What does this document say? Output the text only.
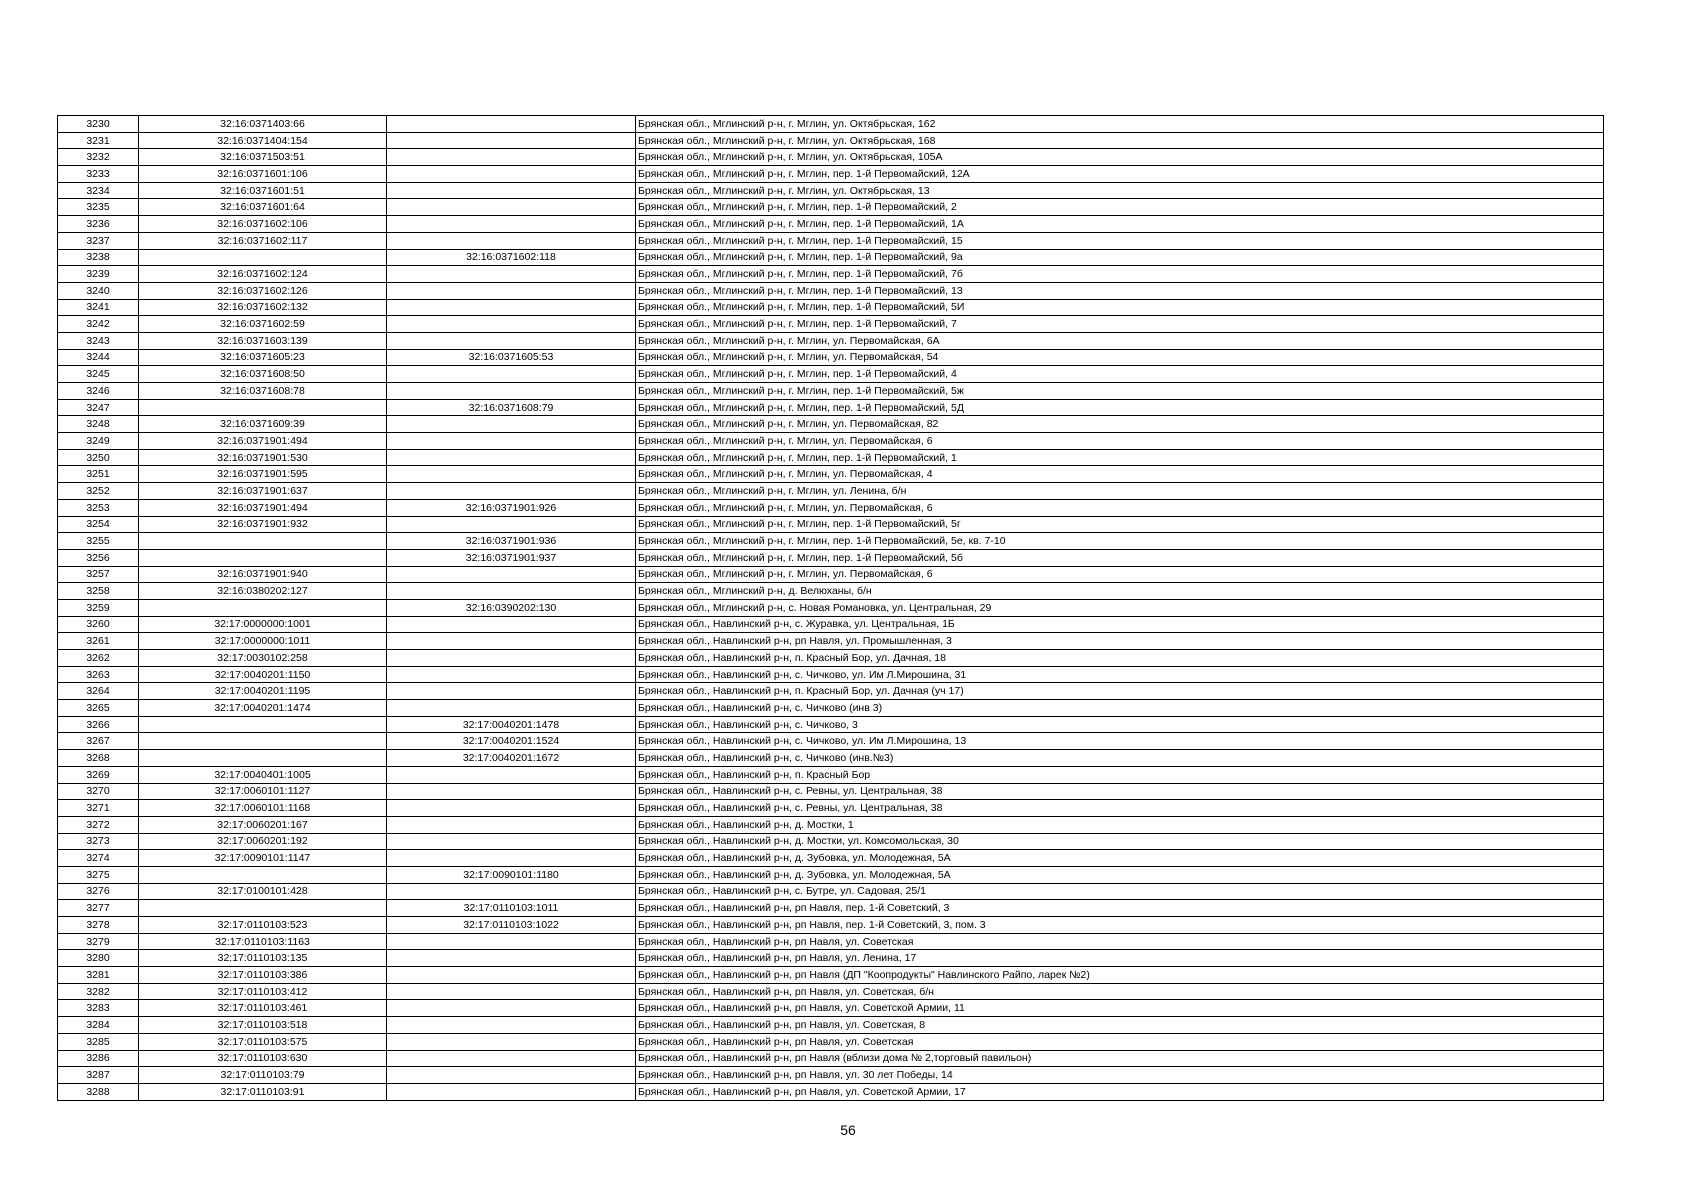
3230	32:16:0371403:66		Брянская обл., Мглинский р-н, г. Мглин, ул. Октябрьская, 162
3231	32:16:0371404:154		Брянская обл., Мглинский р-н, г. Мглин, ул. Октябрьская, 168
3232	32:16:0371503:51		Брянская обл., Мглинский р-н, г. Мглин, ул. Октябрьская, 105А
3233	32:16:0371601:106		Брянская обл., Мглинский р-н, г. Мглин, пер. 1-й Первомайский, 12А
3234	32:16:0371601:51		Брянская обл., Мглинский р-н, г. Мглин, ул. Октябрьская, 13
3235	32:16:0371601:64		Брянская обл., Мглинский р-н, г. Мглин, пер. 1-й Первомайский, 2
3236	32:16:0371602:106		Брянская обл., Мглинский р-н, г. Мглин, пер. 1-й Первомайский, 1А
3237	32:16:0371602:117		Брянская обл., Мглинский р-н, г. Мглин, пер. 1-й Первомайский, 15
3238		32:16:0371602:118	Брянская обл., Мглинский р-н, г. Мглин, пер. 1-й Первомайский, 9а
3239	32:16:0371602:124		Брянская обл., Мглинский р-н, г. Мглин, пер. 1-й Первомайский, 7б
3240	32:16:0371602:126		Брянская обл., Мглинский р-н, г. Мглин, пер. 1-й Первомайский, 13
3241	32:16:0371602:132		Брянская обл., Мглинский р-н, г. Мглин, пер. 1-й Первомайский, 5И
3242	32:16:0371602:59		Брянская обл., Мглинский р-н, г. Мглин, пер. 1-й Первомайский, 7
3243	32:16:0371603:139		Брянская обл., Мглинский р-н, г. Мглин, ул. Первомайская, 6А
3244	32:16:0371605:23	32:16:0371605:53	Брянская обл., Мглинский р-н, г. Мглин, ул. Первомайская, 54
3245	32:16:0371608:50		Брянская обл., Мглинский р-н, г. Мглин, пер. 1-й Первомайский, 4
3246	32:16:0371608:78		Брянская обл., Мглинский р-н, г. Мглин, пер. 1-й Первомайский, 5ж
3247		32:16:0371608:79	Брянская обл., Мглинский р-н, г. Мглин, пер. 1-й Первомайский, 5Д
3248	32:16:0371609:39		Брянская обл., Мглинский р-н, г. Мглин, ул. Первомайская, 82
3249	32:16:0371901:494		Брянская обл., Мглинский р-н, г. Мглин, ул. Первомайская, 6
3250	32:16:0371901:530		Брянская обл., Мглинский р-н, г. Мглин, пер. 1-й Первомайский, 1
3251	32:16:0371901:595		Брянская обл., Мглинский р-н, г. Мглин, ул. Первомайская, 4
3252	32:16:0371901:637		Брянская обл., Мглинский р-н, г. Мглин, ул. Ленина, б/н
3253	32:16:0371901:494	32:16:0371901:926	Брянская обл., Мглинский р-н, г. Мглин, ул. Первомайская, 6
3254	32:16:0371901:932		Брянская обл., Мглинский р-н, г. Мглин, пер. 1-й Первомайский, 5г
3255		32:16:0371901:936	Брянская обл., Мглинский р-н, г. Мглин, пер. 1-й Первомайский, 5е, кв. 7-10
3256		32:16:0371901:937	Брянская обл., Мглинский р-н, г. Мглин, пер. 1-й Первомайский, 5б
3257	32:16:0371901:940		Брянская обл., Мглинский р-н, г. Мглин, ул. Первомайская, 6
3258	32:16:0380202:127		Брянская обл., Мглинский р-н, д. Велюханы, б/н
3259		32:16:0390202:130	Брянская обл., Мглинский р-н, с. Новая Романовка, ул. Центральная, 29
3260	32:17:0000000:1001		Брянская обл., Навлинский р-н, с. Журавка, ул. Центральная, 1Б
3261	32:17:0000000:1011		Брянская обл., Навлинский р-н, рп Навля, ул. Промышленная, 3
3262	32:17:0030102:258		Брянская обл., Навлинский р-н, п. Красный Бор, ул. Дачная, 18
3263	32:17:0040201:1150		Брянская обл., Навлинский р-н, с. Чичково, ул. Им Л.Мирошина, 31
3264	32:17:0040201:1195		Брянская обл., Навлинский р-н, п. Красный Бор, ул. Дачная (уч 17)
3265	32:17:0040201:1474		Брянская обл., Навлинский р-н, с. Чичково (инв 3)
3266		32:17:0040201:1478	Брянская обл., Навлинский р-н, с. Чичково, 3
3267		32:17:0040201:1524	Брянская обл., Навлинский р-н, с. Чичково, ул. Им Л.Мирошина, 13
3268		32:17:0040201:1672	Брянская обл., Навлинский р-н, с. Чичково (инв.№3)
3269	32:17:0040401:1005		Брянская обл., Навлинский р-н, п. Красный Бор
3270	32:17:0060101:1127		Брянская обл., Навлинский р-н, с. Ревны, ул. Центральная, 38
3271	32:17:0060101:1168		Брянская обл., Навлинский р-н, с. Ревны, ул. Центральная, 38
3272	32:17:0060201:167		Брянская обл., Навлинский р-н, д. Мостки, 1
3273	32:17:0060201:192		Брянская обл., Навлинский р-н, д. Мостки, ул. Комсомольская, 30
3274	32:17:0090101:1147		Брянская обл., Навлинский р-н, д. Зубовка, ул. Молодежная, 5А
3275		32:17:0090101:1180	Брянская обл., Навлинский р-н, д. Зубовка, ул. Молодежная, 5А
3276	32:17:0100101:428		Брянская обл., Навлинский р-н, с. Бутре, ул. Садовая, 25/1
3277		32:17:0110103:1011	Брянская обл., Навлинский р-н, рп Навля, пер. 1-й Советский, 3
3278	32:17:0110103:523	32:17:0110103:1022	Брянская обл., Навлинский р-н, рп Навля, пер. 1-й Советский, 3, пом. 3
3279	32:17:0110103:1163		Брянская обл., Навлинский р-н, рп Навля, ул. Советская
3280	32:17:0110103:135		Брянская обл., Навлинский р-н, рп Навля, ул. Ленина, 17
3281	32:17:0110103:386		Брянская обл., Навлинский р-н, рп Навля (ДП "Коопродукты" Навлинского Райпо, ларек №2)
3282	32:17:0110103:412		Брянская обл., Навлинский р-н, рп Навля, ул. Советская, б/н
3283	32:17:0110103:461		Брянская обл., Навлинский р-н, рп Навля, ул. Советской Армии, 11
3284	32:17:0110103:518		Брянская обл., Навлинский р-н, рп Навля, ул. Советская, 8
3285	32:17:0110103:575		Брянская обл., Навлинский р-н, рп Навля, ул. Советская
3286	32:17:0110103:630		Брянская обл., Навлинский р-н, рп Навля (вблизи дома № 2,торговый павильон)
3287	32:17:0110103:79		Брянская обл., Навлинский р-н, рп Навля, ул. 30 лет Победы, 14
3288	32:17:0110103:91		Брянская обл., Навлинский р-н, рп Навля, ул. Советской Армии, 17
56
